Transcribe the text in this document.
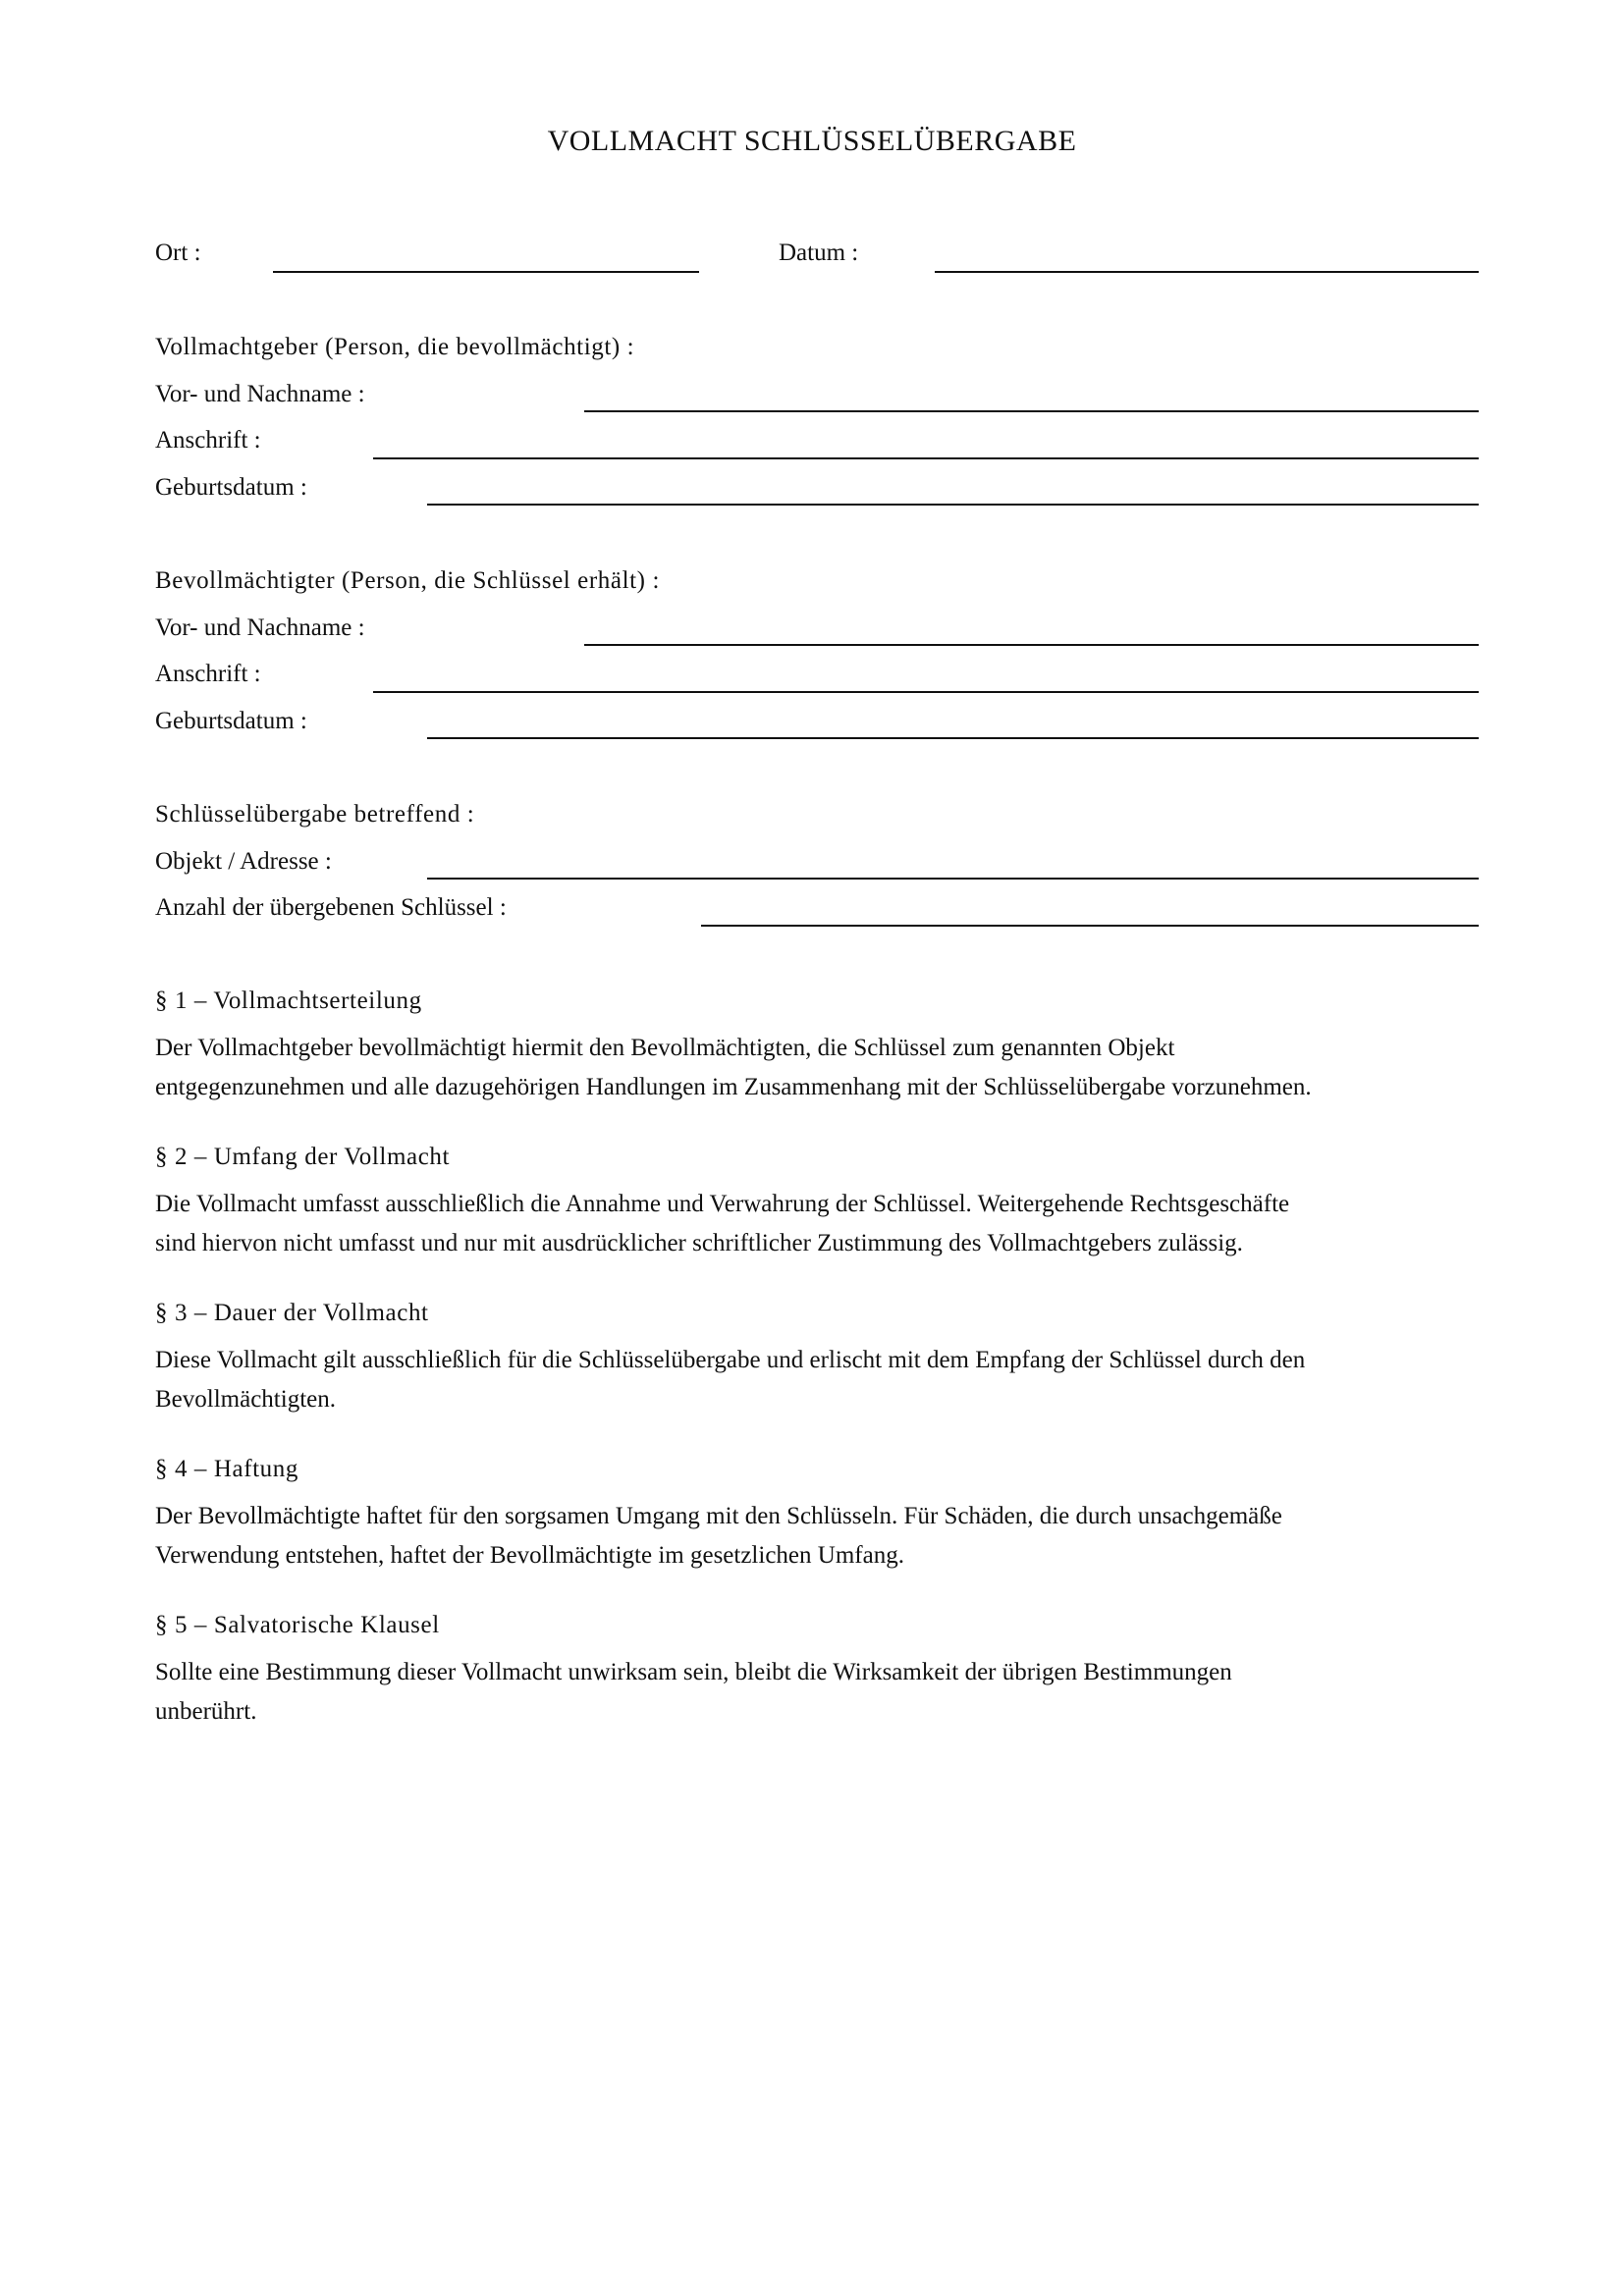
VOLLMACHT SCHLÜSSELÜBERGABE
Ort :	Datum :
Vollmachtgeber (Person, die bevollmächtigt) :
Vor- und Nachname :
Anschrift :
Geburtsdatum :
Bevollmächtigter (Person, die Schlüssel erhält) :
Vor- und Nachname :
Anschrift :
Geburtsdatum :
Schlüsselübergabe betreffend :
Objekt / Adresse :
Anzahl der übergebenen Schlüssel :
§ 1 – Vollmachtserteilung
Der Vollmachtgeber bevollmächtigt hiermit den Bevollmächtigten, die Schlüssel zum genannten Objekt
entgegenzunehmen und alle dazugehörigen Handlungen im Zusammenhang mit der Schlüsselübergabe vorzunehmen.
§ 2 – Umfang der Vollmacht
Die Vollmacht umfasst ausschließlich die Annahme und Verwahrung der Schlüssel. Weitergehende Rechtsgeschäfte
sind hiervon nicht umfasst und nur mit ausdrücklicher schriftlicher Zustimmung des Vollmachtgebers zulässig.
§ 3 – Dauer der Vollmacht
Diese Vollmacht gilt ausschließlich für die Schlüsselübergabe und erlischt mit dem Empfang der Schlüssel durch den
Bevollmächtigten.
§ 4 – Haftung
Der Bevollmächtigte haftet für den sorgsamen Umgang mit den Schlüsseln. Für Schäden, die durch unsachgemäße
Verwendung entstehen, haftet der Bevollmächtigte im gesetzlichen Umfang.
§ 5 – Salvatorische Klausel
Sollte eine Bestimmung dieser Vollmacht unwirksam sein, bleibt die Wirksamkeit der übrigen Bestimmungen
unberührt.
